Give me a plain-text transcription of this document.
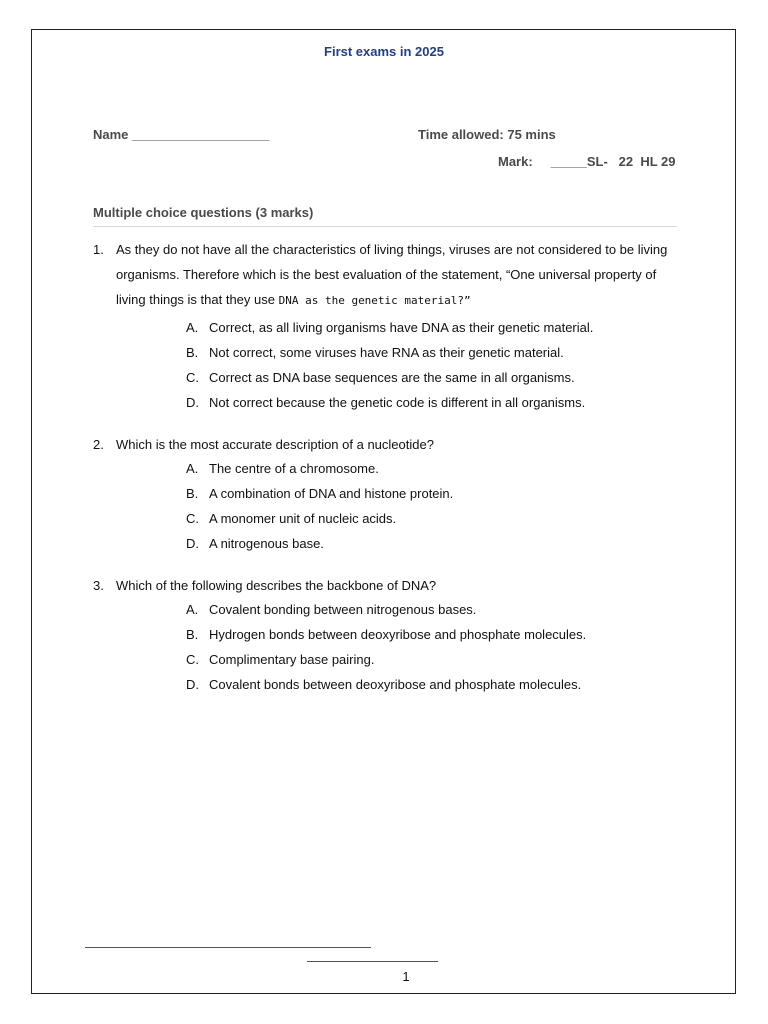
First exams in 2025
Name ___________________	Time allowed: 75 mins
Mark:     _____SL-   22  HL 29
Multiple choice questions (3 marks)
1. As they do not have all the characteristics of living things, viruses are not considered to be living organisms. Therefore which is the best evaluation of the statement, “One universal property of living things is that they use DNA as the genetic material?”
A. Correct, as all living organisms have DNA as their genetic material.
B. Not correct, some viruses have RNA as their genetic material.
C. Correct as DNA base sequences are the same in all organisms.
D. Not correct because the genetic code is different in all organisms.
2. Which is the most accurate description of a nucleotide?
A. The centre of a chromosome.
B. A combination of DNA and histone protein.
C. A monomer unit of nucleic acids.
D. A nitrogenous base.
3. Which of the following describes the backbone of DNA?
A. Covalent bonding between nitrogenous bases.
B. Hydrogen bonds between deoxyribose and phosphate molecules.
C. Complimentary base pairing.
D. Covalent bonds between deoxyribose and phosphate molecules.
1
